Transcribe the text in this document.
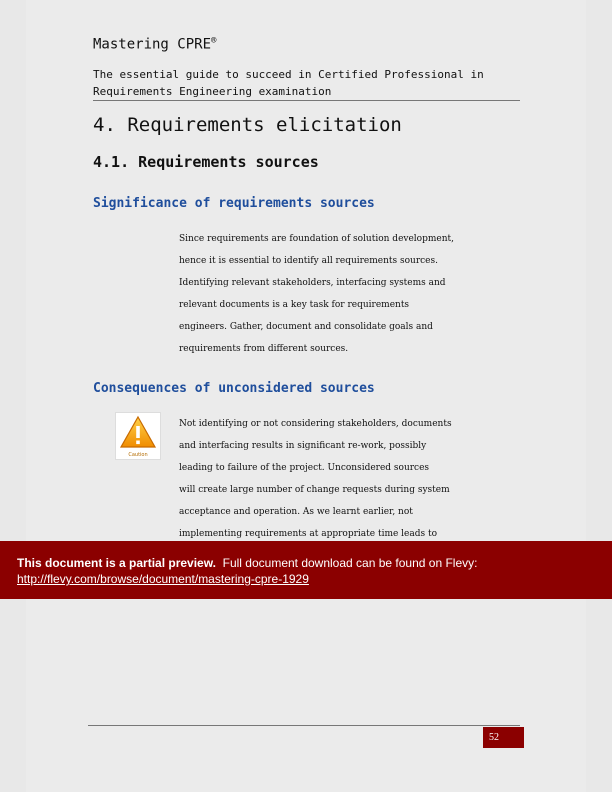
Mastering CPRE®
The essential guide to succeed in Certified Professional in
Requirements Engineering examination
4. Requirements elicitation
4.1. Requirements sources
Significance of requirements sources
Since requirements are foundation of solution development,
hence it is essential to identify all requirements sources.
Identifying relevant stakeholders, interfacing systems and
relevant documents is a key task for requirements
engineers. Gather, document and consolidate goals and
requirements from different sources.
Consequences of unconsidered sources
Caution
Not identifying or not considering stakeholders, documents
and interfacing results in significant re-work, possibly
leading to failure of the project. Unconsidered sources
will create large number of change requests during system
acceptance and operation. As we learnt earlier, not
implementing requirements at appropriate time leads to
This document is a partial preview. Full document download can be found on Flevy:
http://flevy.com/browse/document/mastering-cpre-1929
52
